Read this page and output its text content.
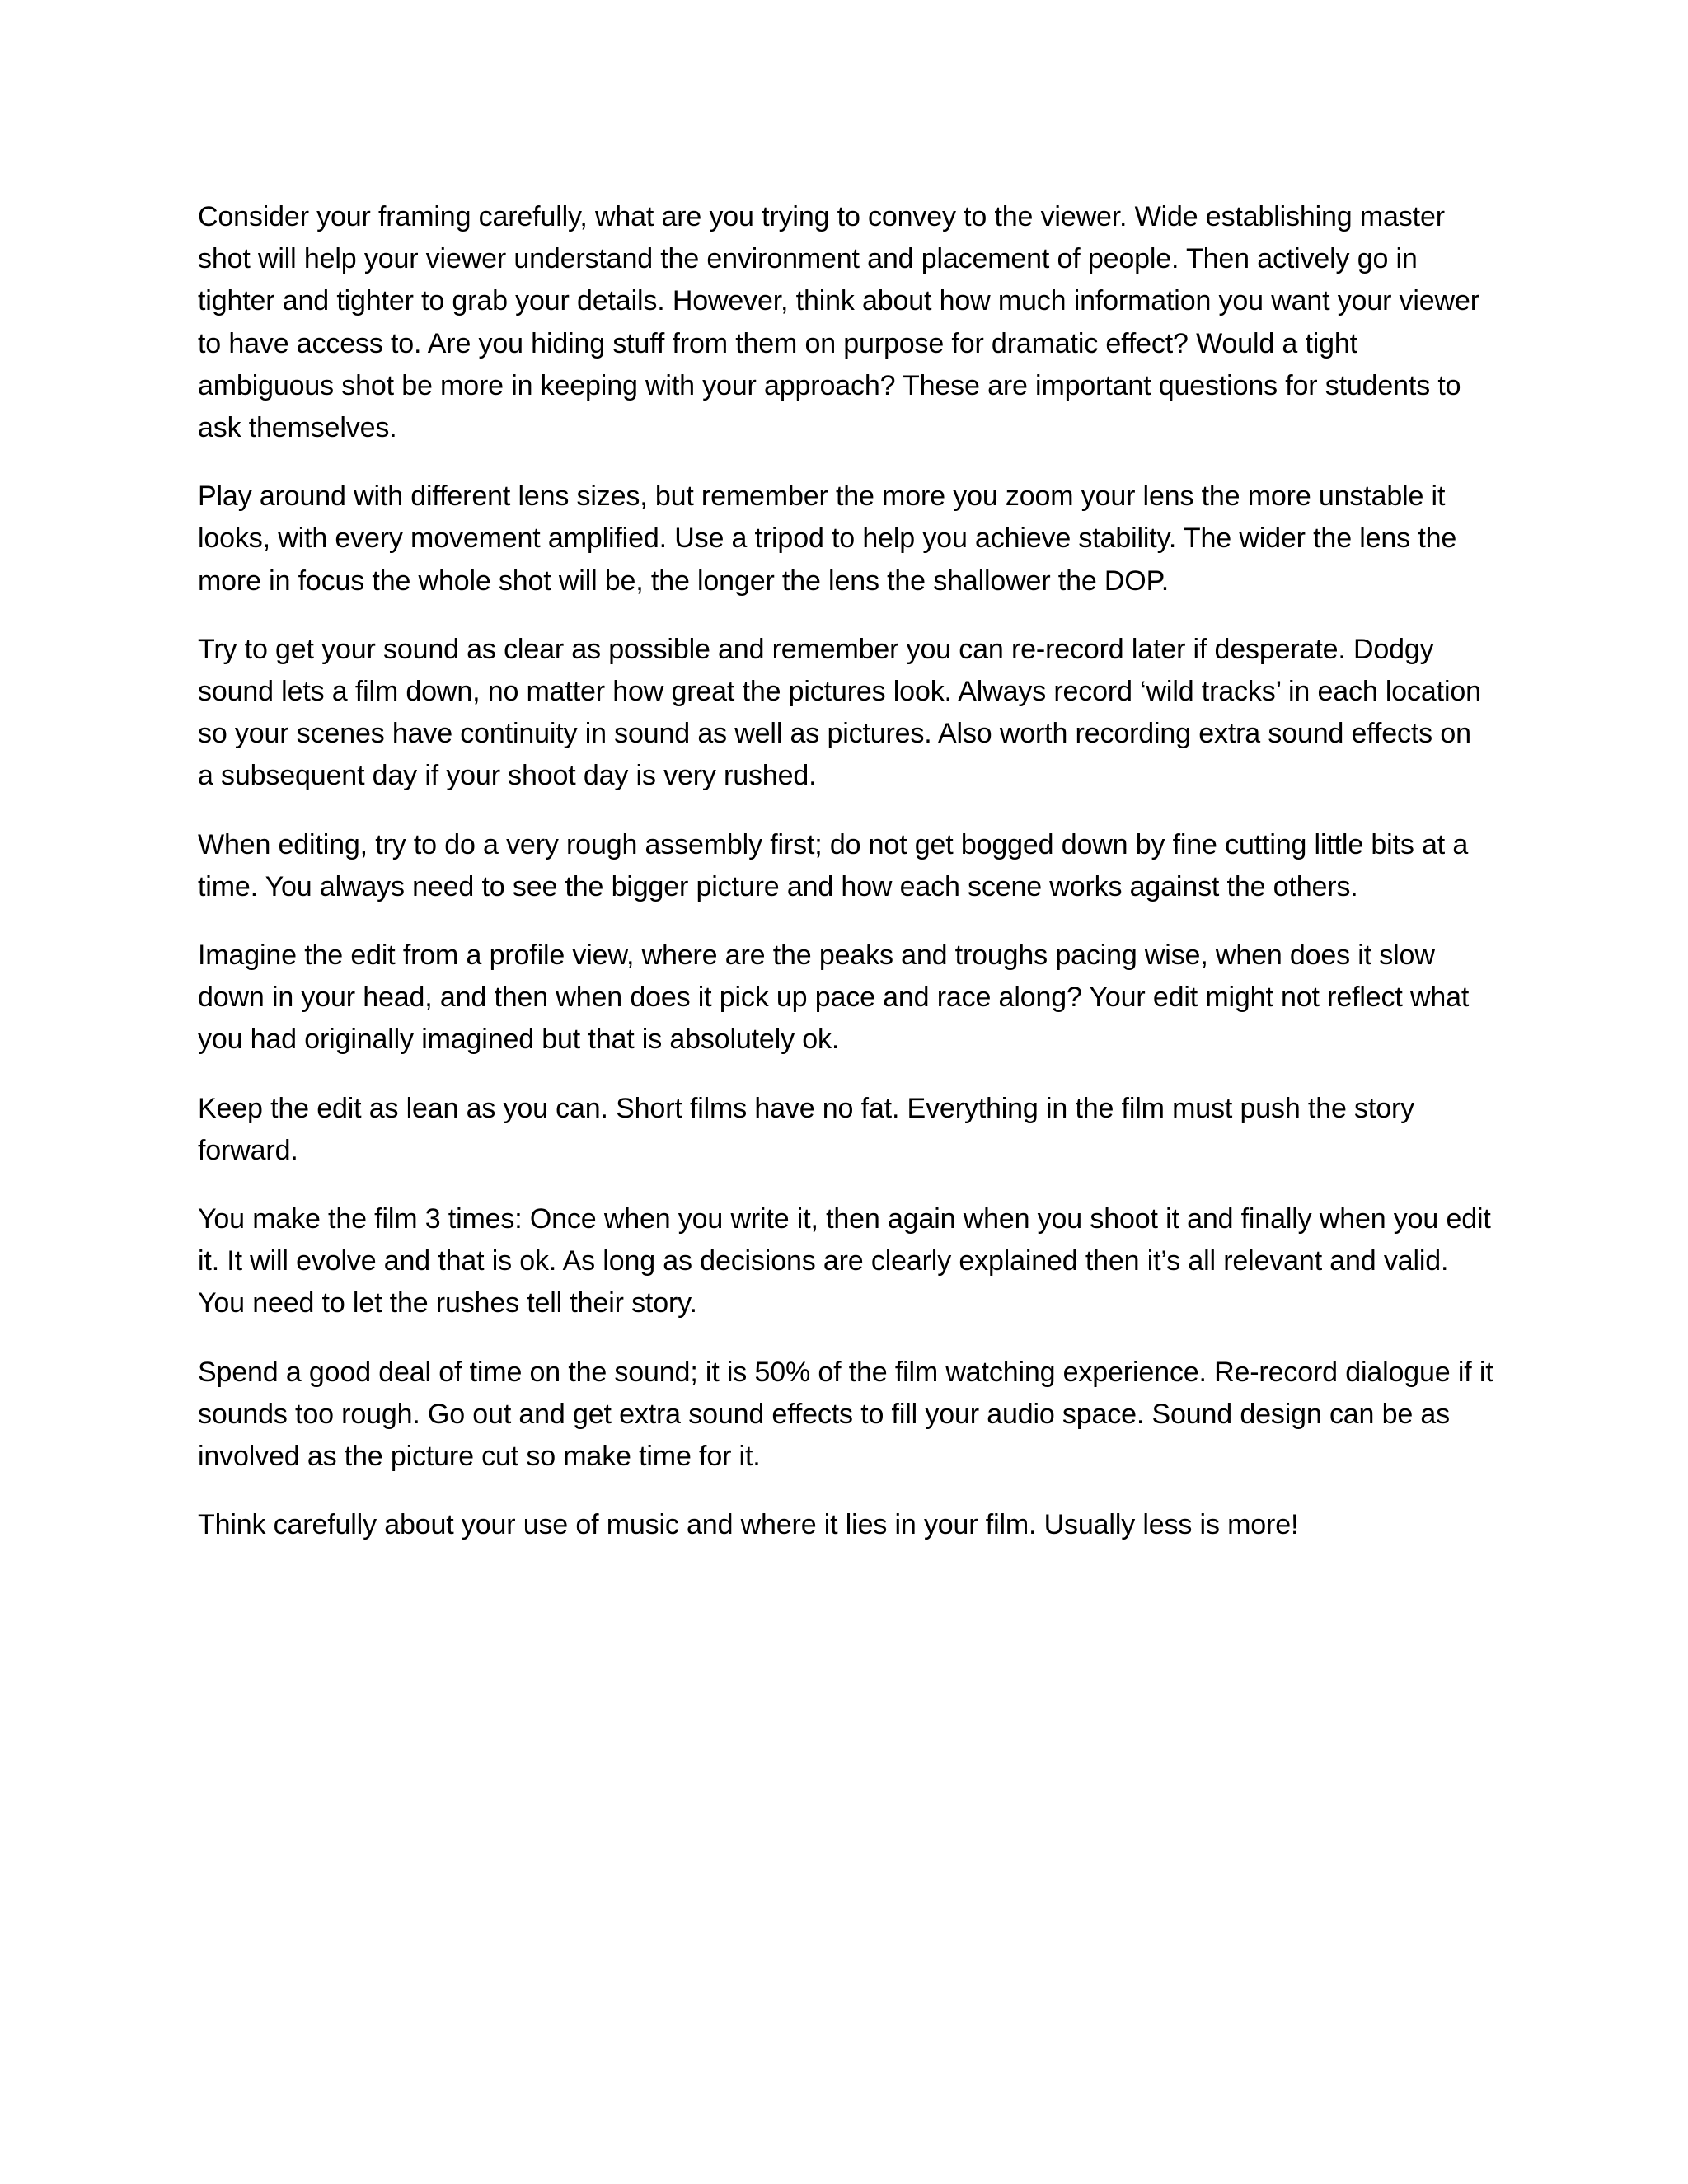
Consider your framing carefully, what are you trying to convey to the viewer. Wide establishing master shot will help your viewer understand the environment and placement of people. Then actively go in tighter and tighter to grab your details. However, think about how much information you want your viewer to have access to. Are you hiding stuff from them on purpose for dramatic effect? Would a tight ambiguous shot be more in keeping with your approach? These are important questions for students to ask themselves.

Play around with different lens sizes, but remember the more you zoom your lens the more unstable it looks, with every movement amplified. Use a tripod to help you achieve stability. The wider the lens the more in focus the whole shot will be, the longer the lens the shallower the DOP.

Try to get your sound as clear as possible and remember you can re-record later if desperate. Dodgy sound lets a film down, no matter how great the pictures look. Always record ‘wild tracks’ in each location so your scenes have continuity in sound as well as pictures. Also worth recording extra sound effects on a subsequent day if your shoot day is very rushed.

When editing, try to do a very rough assembly first; do not get bogged down by fine cutting little bits at a time. You always need to see the bigger picture and how each scene works against the others.

Imagine the edit from a profile view, where are the peaks and troughs pacing wise, when does it slow down in your head, and then when does it pick up pace and race along? Your edit might not reflect what you had originally imagined but that is absolutely ok.

Keep the edit as lean as you can. Short films have no fat. Everything in the film must push the story forward.

You make the film 3 times: Once when you write it, then again when you shoot it and finally when you edit it. It will evolve and that is ok. As long as decisions are clearly explained then it’s all relevant and valid. You need to let the rushes tell their story.

Spend a good deal of time on the sound; it is 50% of the film watching experience. Re-record dialogue if it sounds too rough. Go out and get extra sound effects to fill your audio space. Sound design can be as involved as the picture cut so make time for it.

Think carefully about your use of music and where it lies in your film. Usually less is more!
